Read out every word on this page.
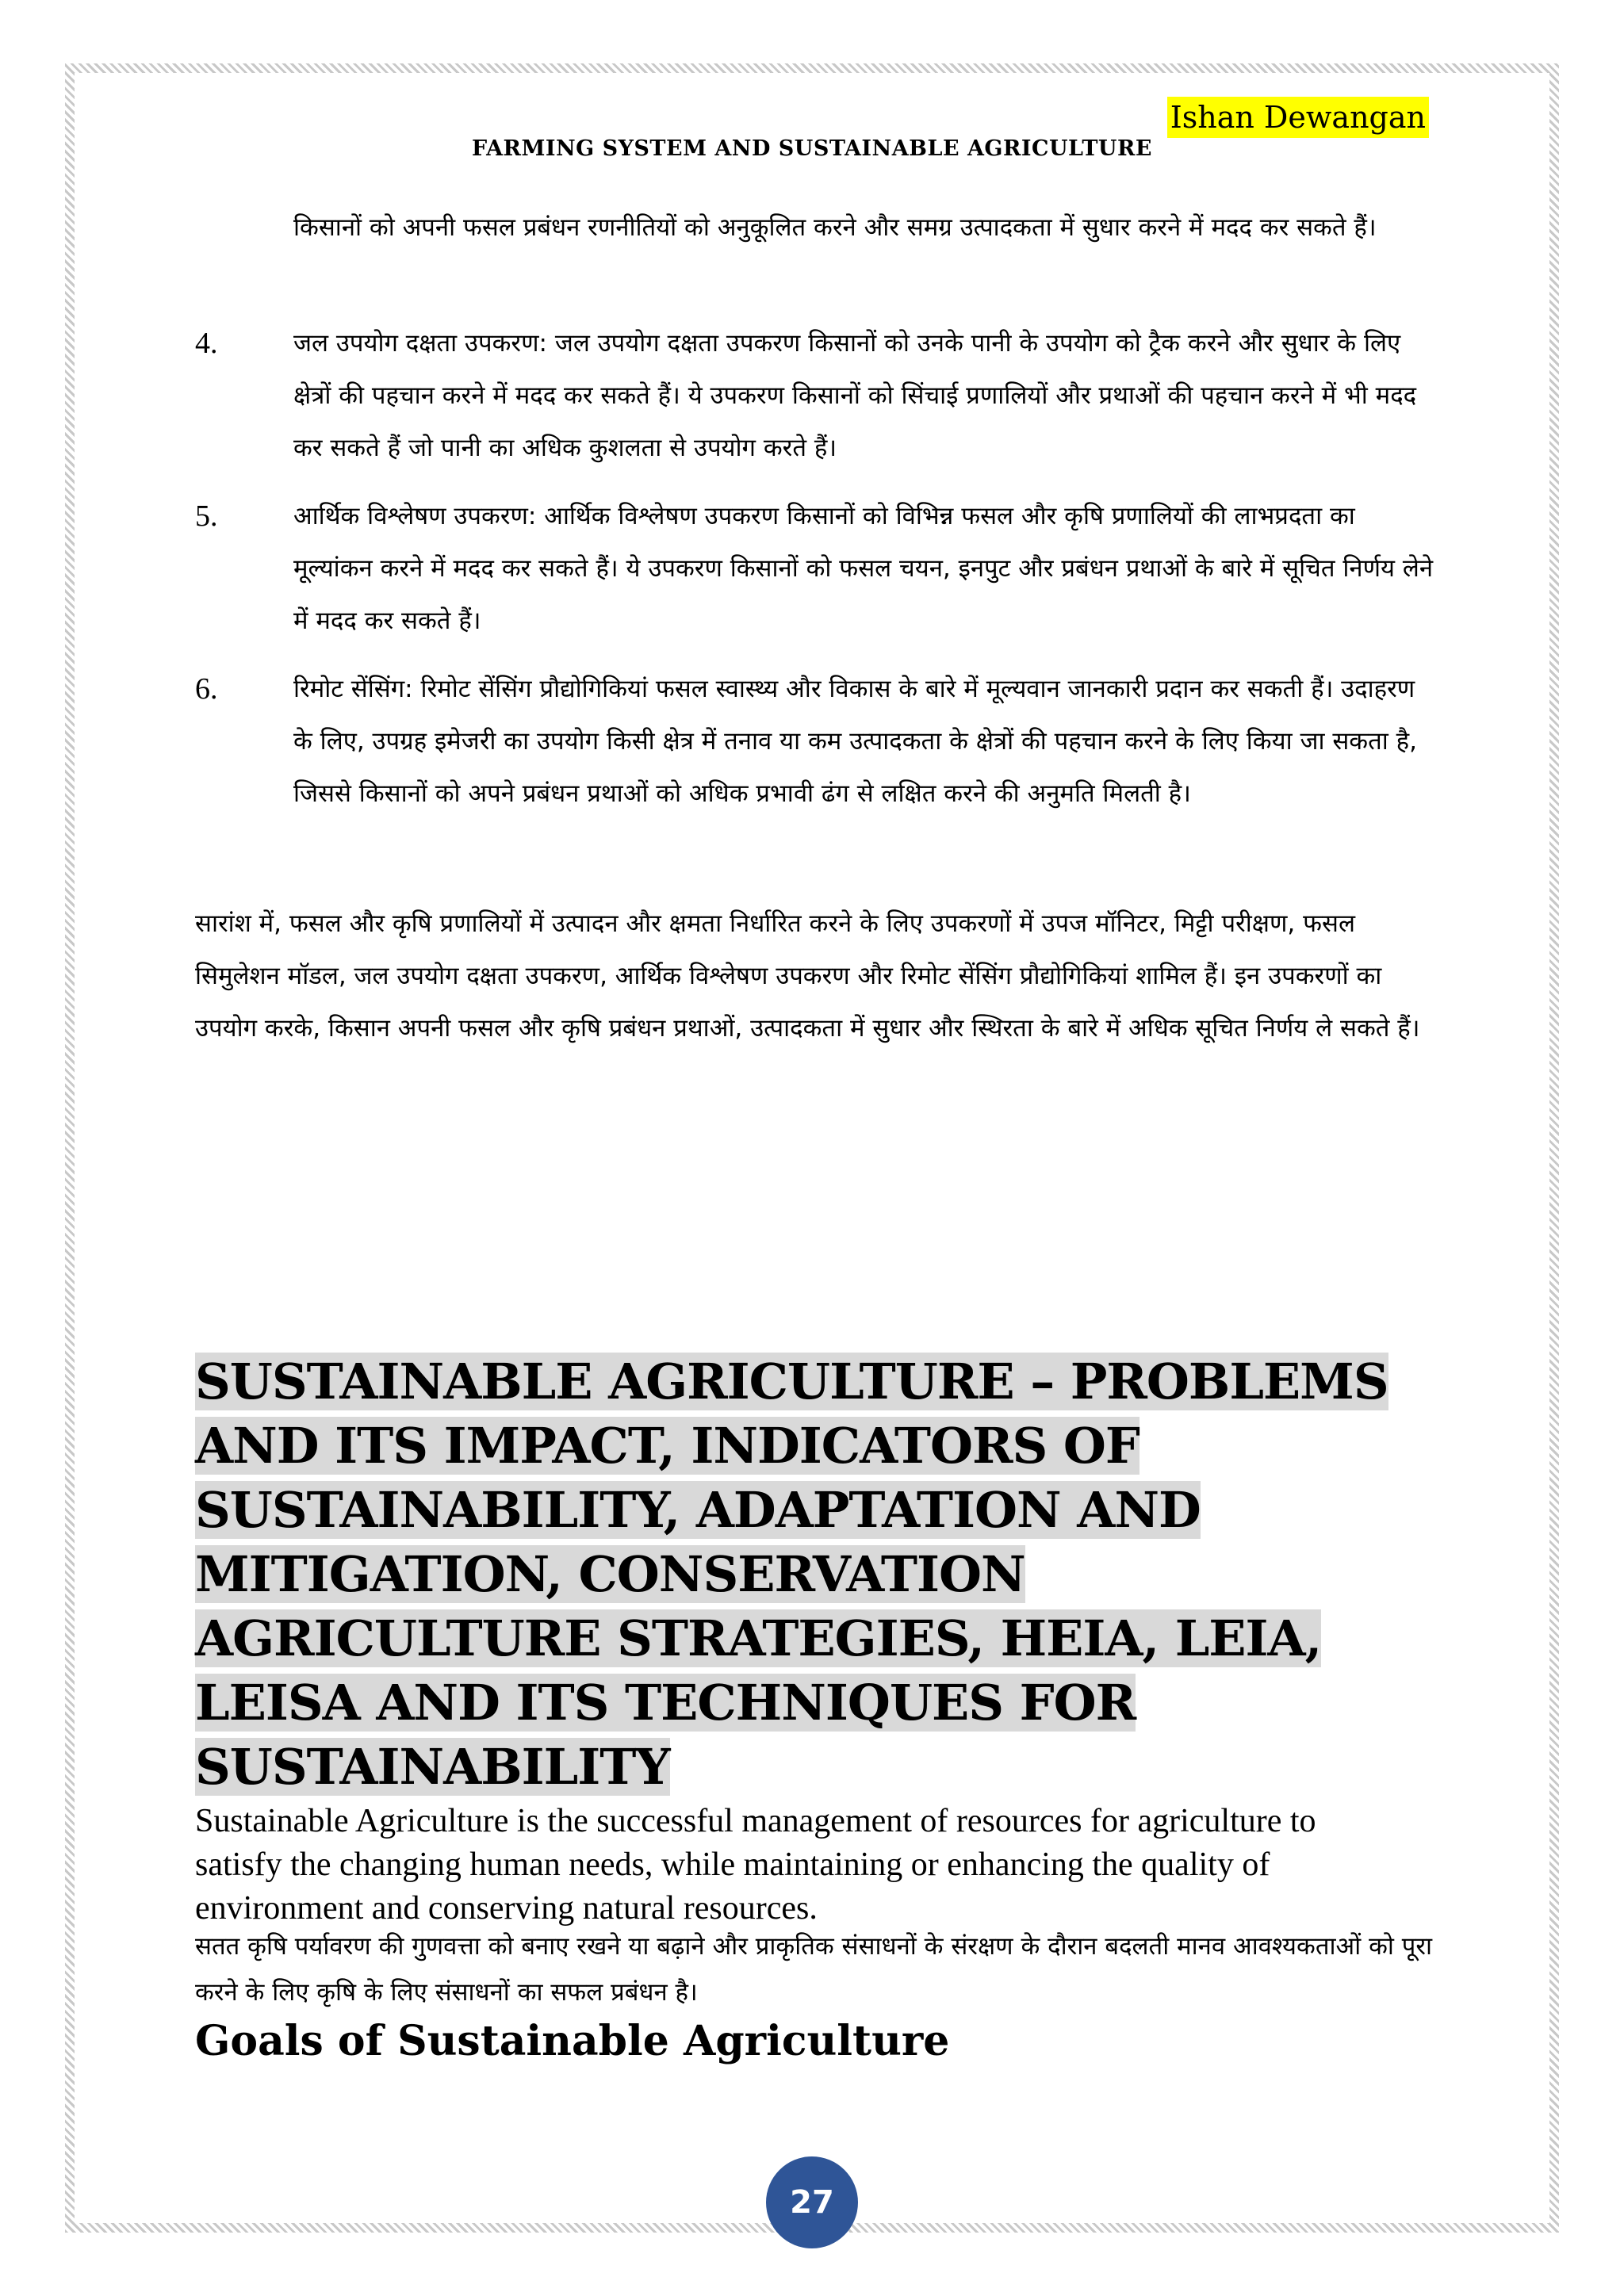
Ishan Dewangan
FARMING SYSTEM AND SUSTAINABLE AGRICULTURE

किसानों को अपनी फसल प्रबंधन रणनीतियों को अनुकूलित करने और समग्र उत्पादकता में सुधार करने में मदद कर सकते हैं।

4.	जल उपयोग दक्षता उपकरण: जल उपयोग दक्षता उपकरण किसानों को उनके पानी के उपयोग को ट्रैक करने और सुधार के लिए क्षेत्रों की पहचान करने में मदद कर सकते हैं। ये उपकरण किसानों को सिंचाई प्रणालियों और प्रथाओं की पहचान करने में भी मदद कर सकते हैं जो पानी का अधिक कुशलता से उपयोग करते हैं।
5.	आर्थिक विश्लेषण उपकरण: आर्थिक विश्लेषण उपकरण किसानों को विभिन्न फसल और कृषि प्रणालियों की लाभप्रदता का मूल्यांकन करने में मदद कर सकते हैं। ये उपकरण किसानों को फसल चयन, इनपुट और प्रबंधन प्रथाओं के बारे में सूचित निर्णय लेने में मदद कर सकते हैं।
6.	रिमोट सेंसिंग: रिमोट सेंसिंग प्रौद्योगिकियां फसल स्वास्थ्य और विकास के बारे में मूल्यवान जानकारी प्रदान कर सकती हैं। उदाहरण के लिए, उपग्रह इमेजरी का उपयोग किसी क्षेत्र में तनाव या कम उत्पादकता के क्षेत्रों की पहचान करने के लिए किया जा सकता है, जिससे किसानों को अपने प्रबंधन प्रथाओं को अधिक प्रभावी ढंग से लक्षित करने की अनुमति मिलती है।

सारांश में, फसल और कृषि प्रणालियों में उत्पादन और क्षमता निर्धारित करने के लिए उपकरणों में उपज मॉनिटर, मिट्टी परीक्षण, फसल सिमुलेशन मॉडल, जल उपयोग दक्षता उपकरण, आर्थिक विश्लेषण उपकरण और रिमोट सेंसिंग प्रौद्योगिकियां शामिल हैं। इन उपकरणों का उपयोग करके, किसान अपनी फसल और कृषि प्रबंधन प्रथाओं, उत्पादकता में सुधार और स्थिरता के बारे में अधिक सूचित निर्णय ले सकते हैं।

SUSTAINABLE AGRICULTURE – PROBLEMS AND ITS IMPACT, INDICATORS OF SUSTAINABILITY, ADAPTATION AND MITIGATION, CONSERVATION AGRICULTURE STRATEGIES, HEIA, LEIA, LEISA AND ITS TECHNIQUES FOR SUSTAINABILITY

Sustainable Agriculture is the successful management of resources for agriculture to satisfy the changing human needs, while maintaining or enhancing the quality of environment and conserving natural resources.

सतत कृषि पर्यावरण की गुणवत्ता को बनाए रखने या बढ़ाने और प्राकृतिक संसाधनों के संरक्षण के दौरान बदलती मानव आवश्यकताओं को पूरा करने के लिए कृषि के लिए संसाधनों का सफल प्रबंधन है।

Goals of Sustainable Agriculture
27
